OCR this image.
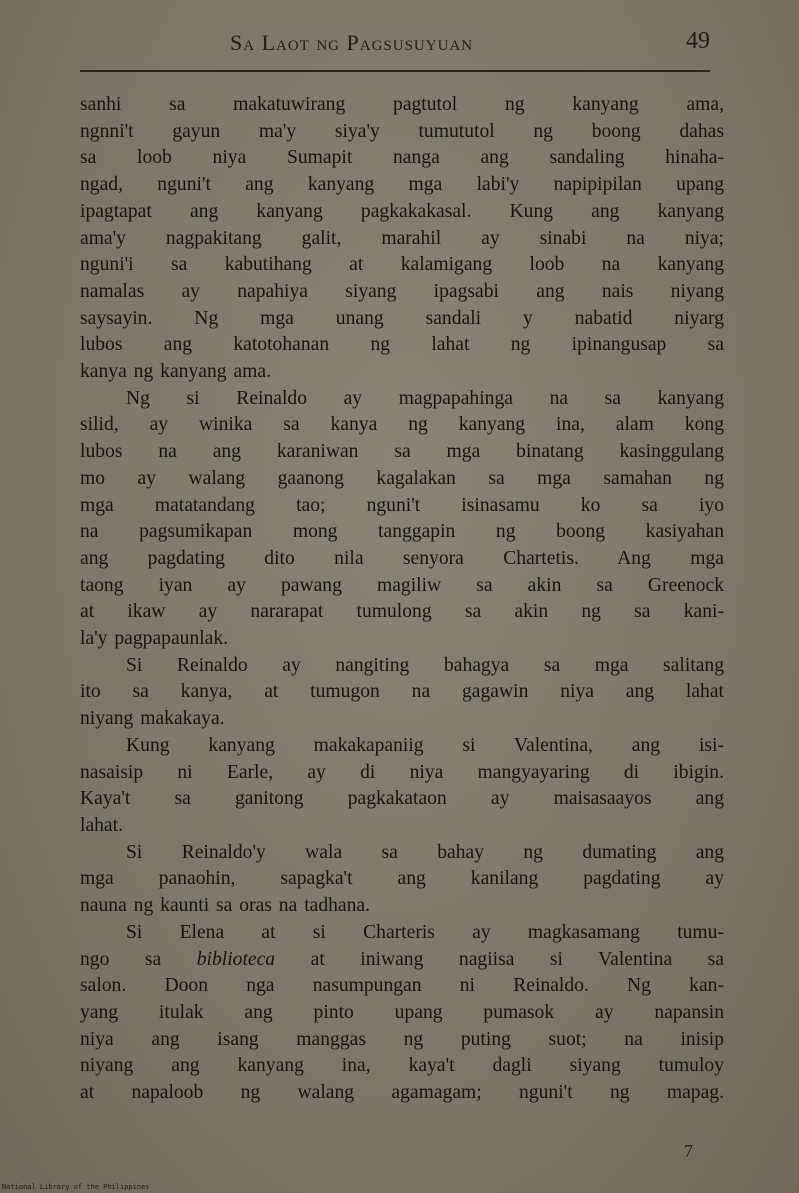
Sa Laot ng Pagsusuyuan	49
sanhi sa makatuwirang pagtutol ng kanyang ama,
ngnni't gayun ma'y siya'y tumututol ng boong dahas
sa loob niya Sumapit nanga ang sandaling hinaha-
ngad, nguni't ang kanyang mga labi'y napipipilan upang
ipagtapat ang kanyang pagkakakasal. Kung ang kanyang
ama'y nagpakitang galit, marahil ay sinabi na niya;
nguni'i sa kabutihang at kalamigang loob na kanyang
namalas ay napahiya siyang ipagsabi ang nais niyang
saysayin. Ng mga unang sandali y nabatid niyarg
lubos ang katotohanan ng lahat ng ipinangusap sa
kanya ng kanyang ama.
Ng si Reinaldo ay magpapahinga na sa kanyang
silid, ay winika sa kanya ng kanyang ina, alam kong
lubos na ang karaniwan sa mga binatang kasinggulang
mo ay walang gaanong kagalakan sa mga samahan ng
mga matatandang tao; nguni't isinasamu ko sa iyo
na pagsumikapan mong tanggapin ng boong kasiyahan
ang pagdating dito nila senyora Chartetis. Ang mga
taong iyan ay pawang magiliw sa akin sa Greenock
at ikaw ay nararapat tumulong sa akin ng sa kani-
la'y pagpapaunlak.
Si Reinaldo ay nangiting bahagya sa mga salitang
ito sa kanya, at tumugon na gagawin niya ang lahat
niyang makakaya.
Kung kanyang makakapaniig si Valentina, ang isi-
nasaisip ni Earle, ay di niya mangyayaring di ibigin.
Kaya't sa ganitong pagkakataon ay maisasaayos ang
lahat.
Si Reinaldo'y wala sa bahay ng dumating ang
mga panaohin, sapagka't ang kanilang pagdating ay
nauna ng kaunti sa oras na tadhana.
Si Elena at si Charteris ay magkasamang tumu-
ngo sa biblioteca at iniwang nagiisa si Valentina sa
salon. Doon nga nasumpungan ni Reinaldo. Ng kan-
yang itulak ang pinto upang pumasok ay napansin
niya ang isang manggas ng puting suot; na inisip
niyang ang kanyang ina, kaya't dagli siyang tumuloy
at napaloob ng walang agamagam; nguni't ng mapag.
7
National Library of the Philippines
